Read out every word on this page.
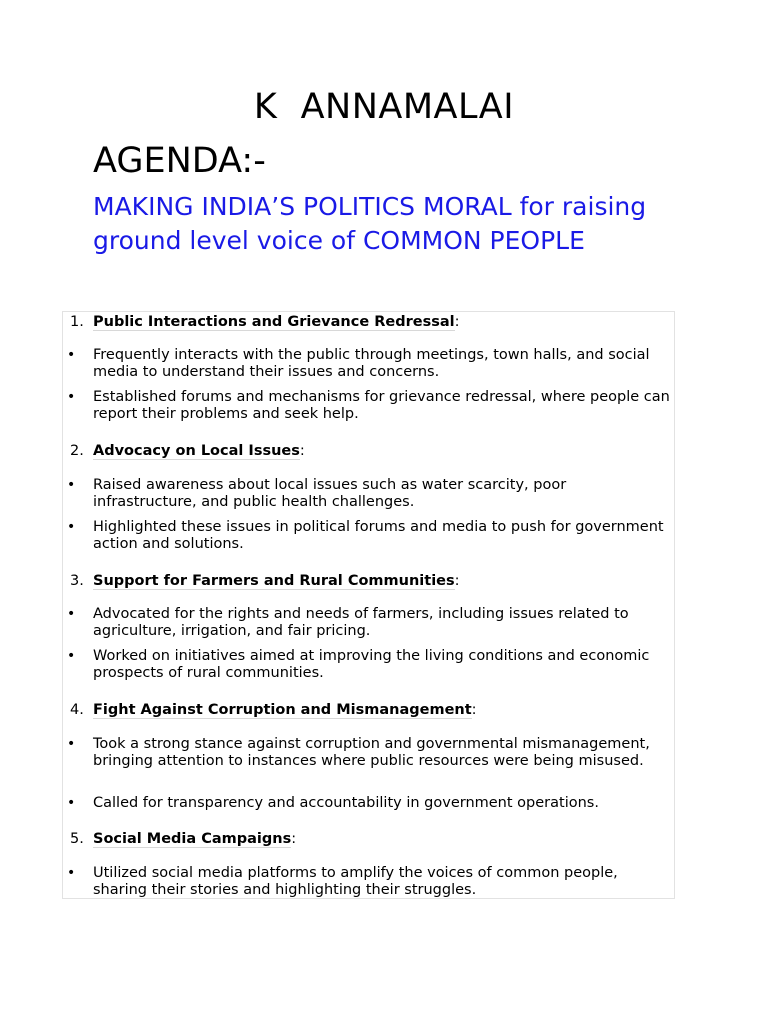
K  ANNAMALAI
AGENDA:-
MAKING INDIA’S POLITICS MORAL for raising ground level voice of COMMON PEOPLE
1. Public Interactions and Grievance Redressal:
• Frequently interacts with the public through meetings, town halls, and social media to understand their issues and concerns.
• Established forums and mechanisms for grievance redressal, where people can report their problems and seek help.
2. Advocacy on Local Issues:
• Raised awareness about local issues such as water scarcity, poor infrastructure, and public health challenges.
• Highlighted these issues in political forums and media to push for government action and solutions.
3. Support for Farmers and Rural Communities:
• Advocated for the rights and needs of farmers, including issues related to agriculture, irrigation, and fair pricing.
• Worked on initiatives aimed at improving the living conditions and economic prospects of rural communities.
4. Fight Against Corruption and Mismanagement:
• Took a strong stance against corruption and governmental mismanagement, bringing attention to instances where public resources were being misused.
• Called for transparency and accountability in government operations.
5. Social Media Campaigns:
• Utilized social media platforms to amplify the voices of common people, sharing their stories and highlighting their struggles.
